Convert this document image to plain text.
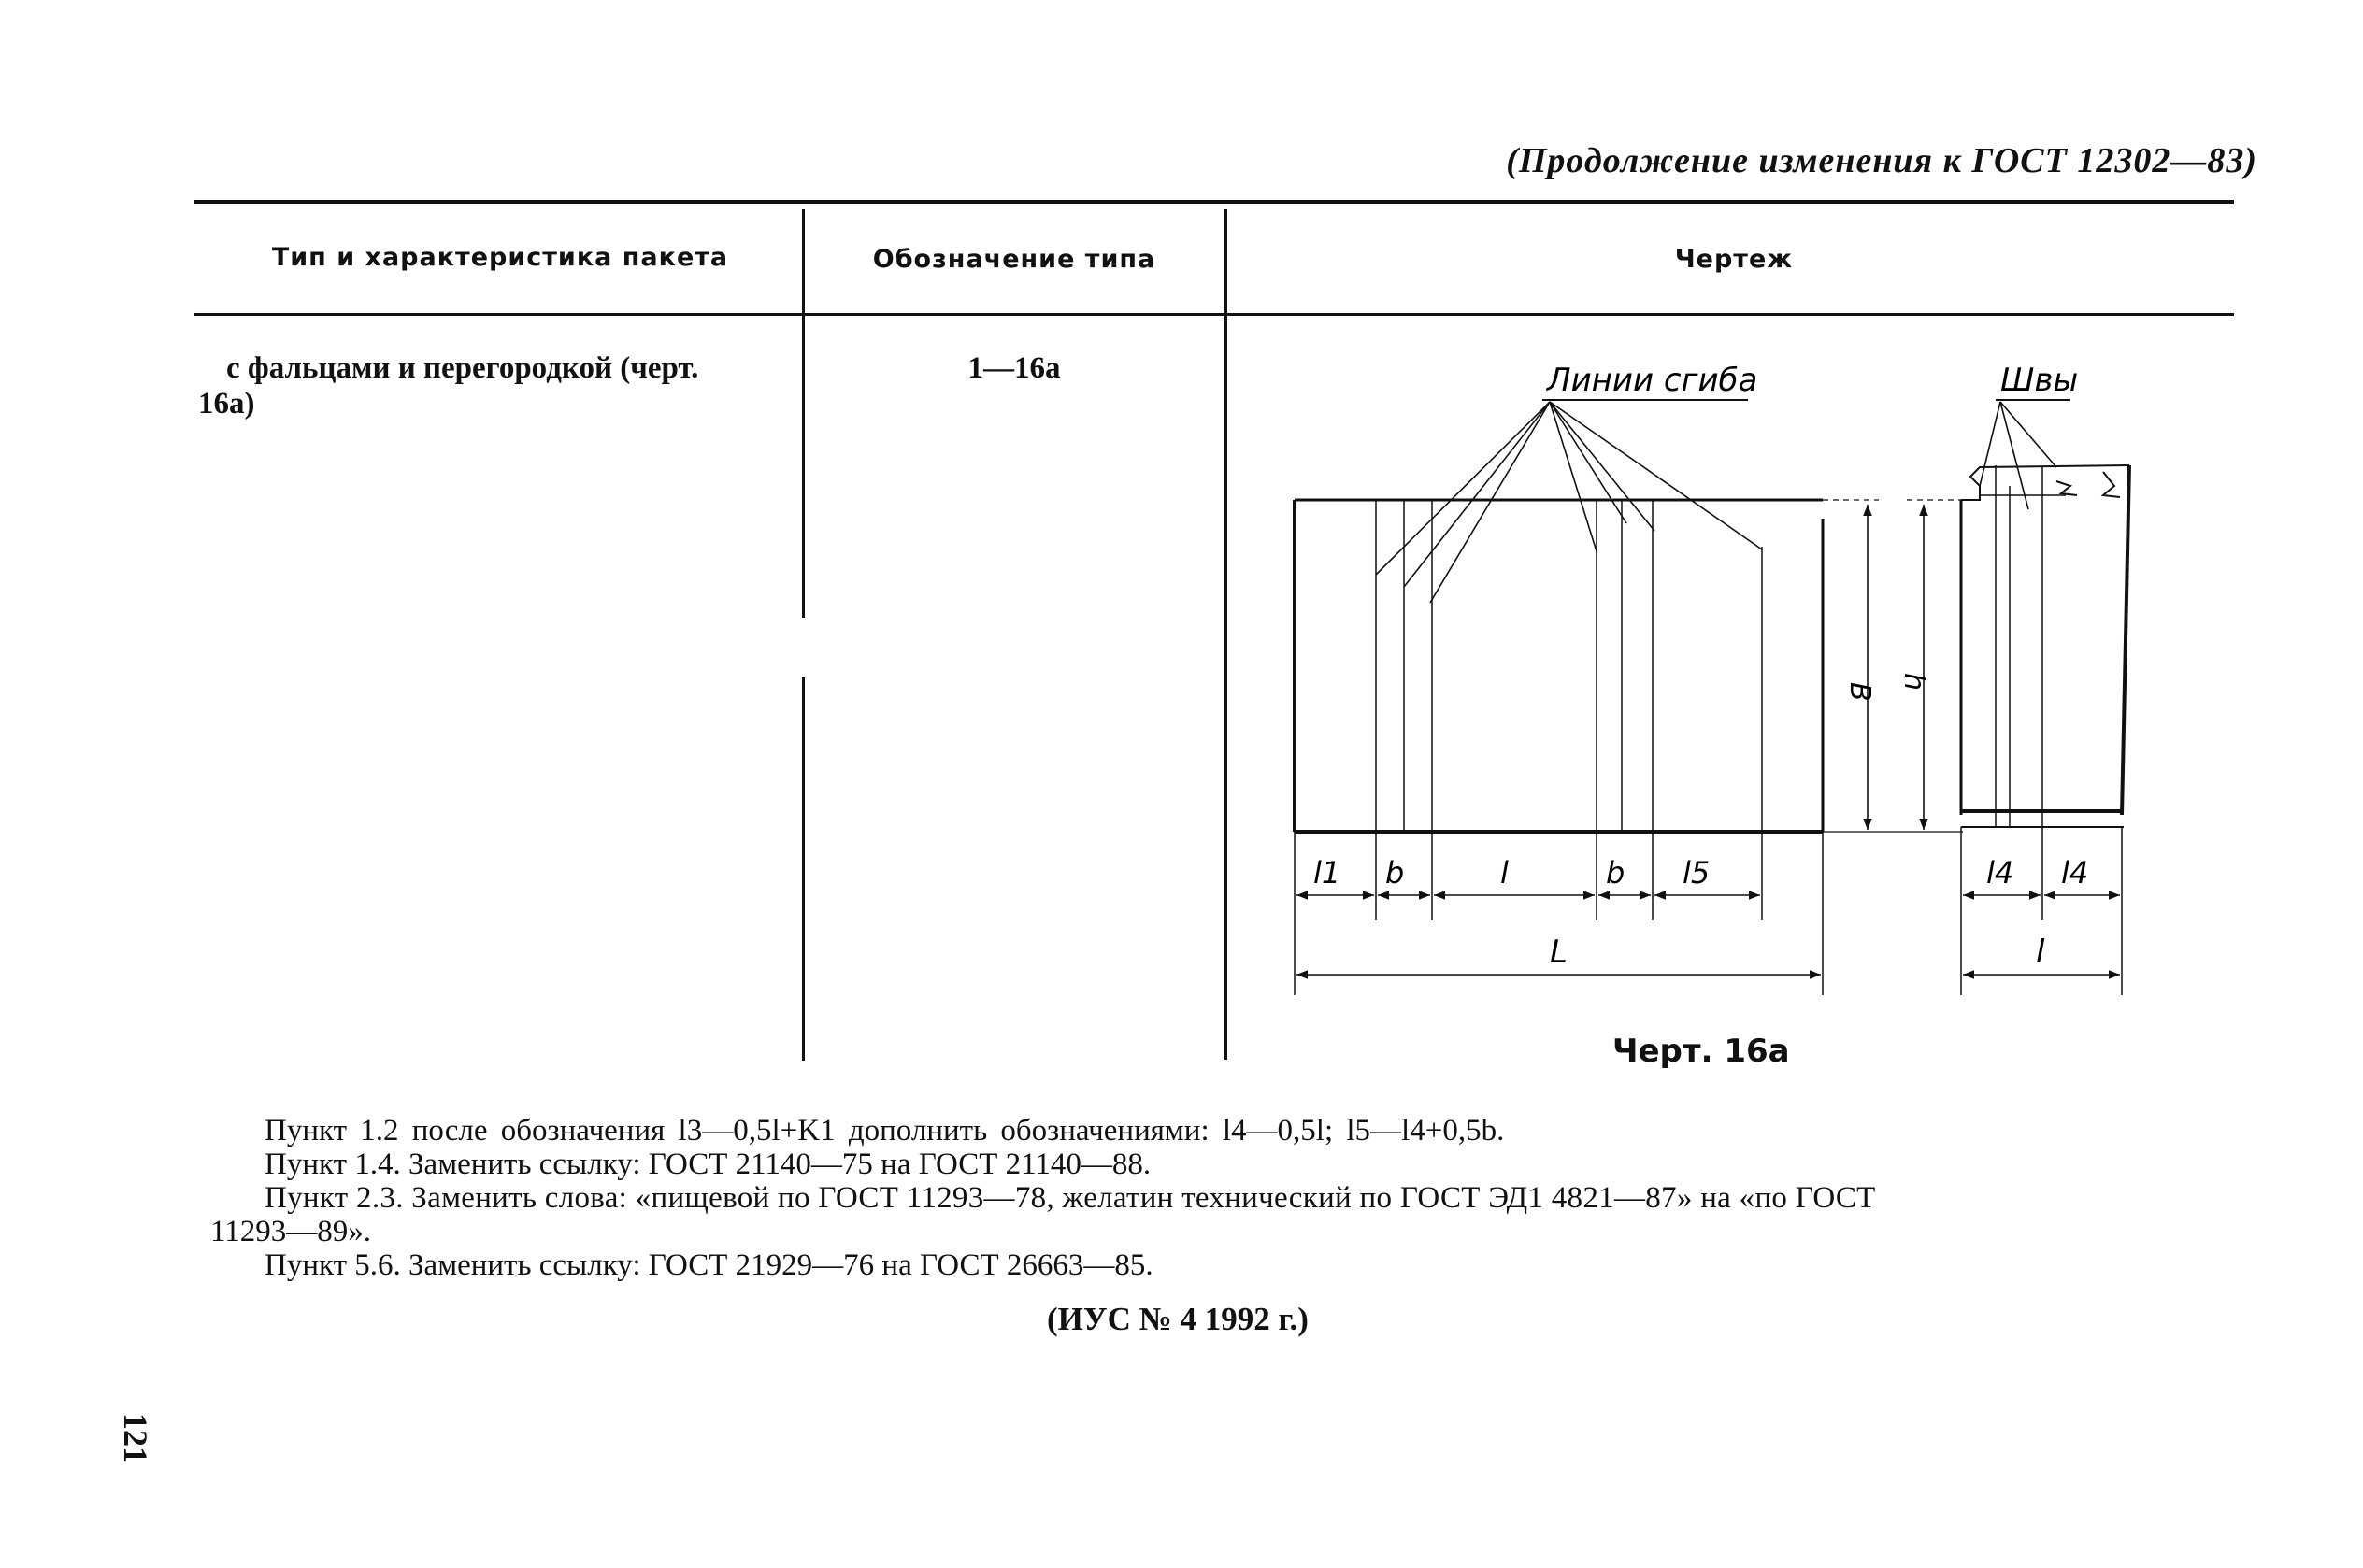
(Продолжение изменения к ГОСТ 12302—83)
Тип и характеристика пакета	Обозначение типа	Чертеж
с фальцами и перегородкой (черт.
16а)
1—16а	Линии сгиба	Швы
B
h
l1 b	l	b l5
L
l4 l4
l
Черт. 16а
Пункт 1.2 после обозначения l3—0,5l+K1 дополнить обозначениями: l4—0,5l; l5—l4+0,5b.
Пункт 1.4. Заменить ссылку: ГОСТ 21140—75 на ГОСТ 21140—88.
Пункт 2.3. Заменить слова: «пищевой по ГОСТ 11293—78, желатин технический по ГОСТ ЭД1 4821—87» на «по ГОСТ
11293—89».
Пункт 5.6. Заменить ссылку: ГОСТ 21929—76 на ГОСТ 26663—85.
(ИУС № 4 1992 г.)
121
